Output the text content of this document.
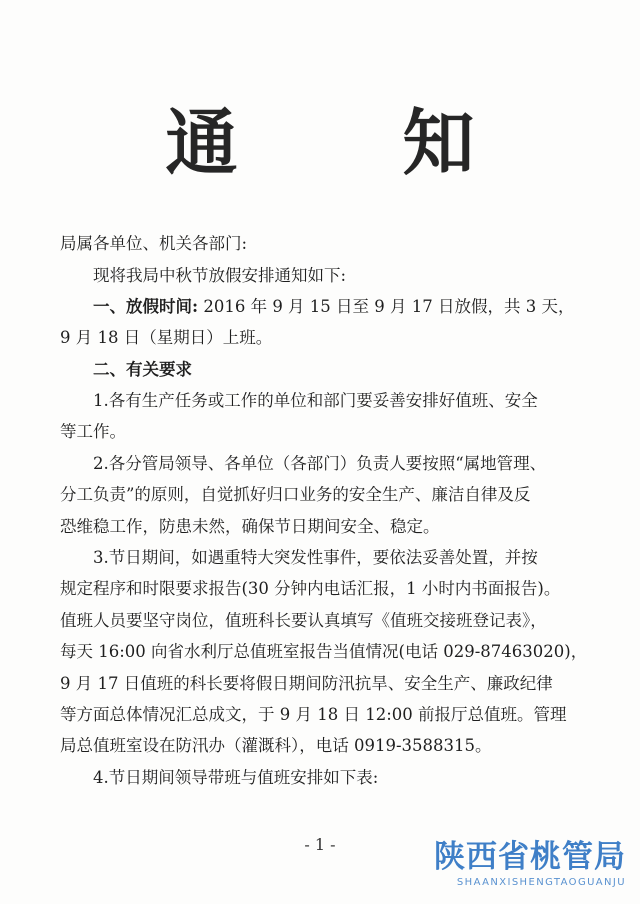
通 知
局属各单位、机关各部门:
现将我局中秋节放假安排通知如下:
一、放假时间: 2016 年 9 月 15 日至 9 月 17 日放假，共 3 天，
9 月 18 日（星期日）上班。
二、有关要求
1.各有生产任务或工作的单位和部门要妥善安排好值班、安全
等工作。
2.各分管局领导、各单位（各部门）负责人要按照“属地管理、
分工负责”的原则，自觉抓好归口业务的安全生产、廉洁自律及反
恐维稳工作，防患未然，确保节日期间安全、稳定。
3.节日期间，如遇重特大突发性事件，要依法妥善处置，并按
规定程序和时限要求报告(30 分钟内电话汇报，1 小时内书面报告)。
值班人员要坚守岗位，值班科长要认真填写《值班交接班登记表》，
每天 16:00 向省水利厅总值班室报告当值情况(电话 029-87463020)，
9 月 17 日值班的科长要将假日期间防汛抗旱、安全生产、廉政纪律
等方面总体情况汇总成文，于 9 月 18 日 12:00 前报厅总值班。管理
局总值班室设在防汛办（灌溉科），电话 0919-3588315。
4.节日期间领导带班与值班安排如下表:
- 1 -	陕西省桃管局
SHAANXISHENGTAOGUANJU
